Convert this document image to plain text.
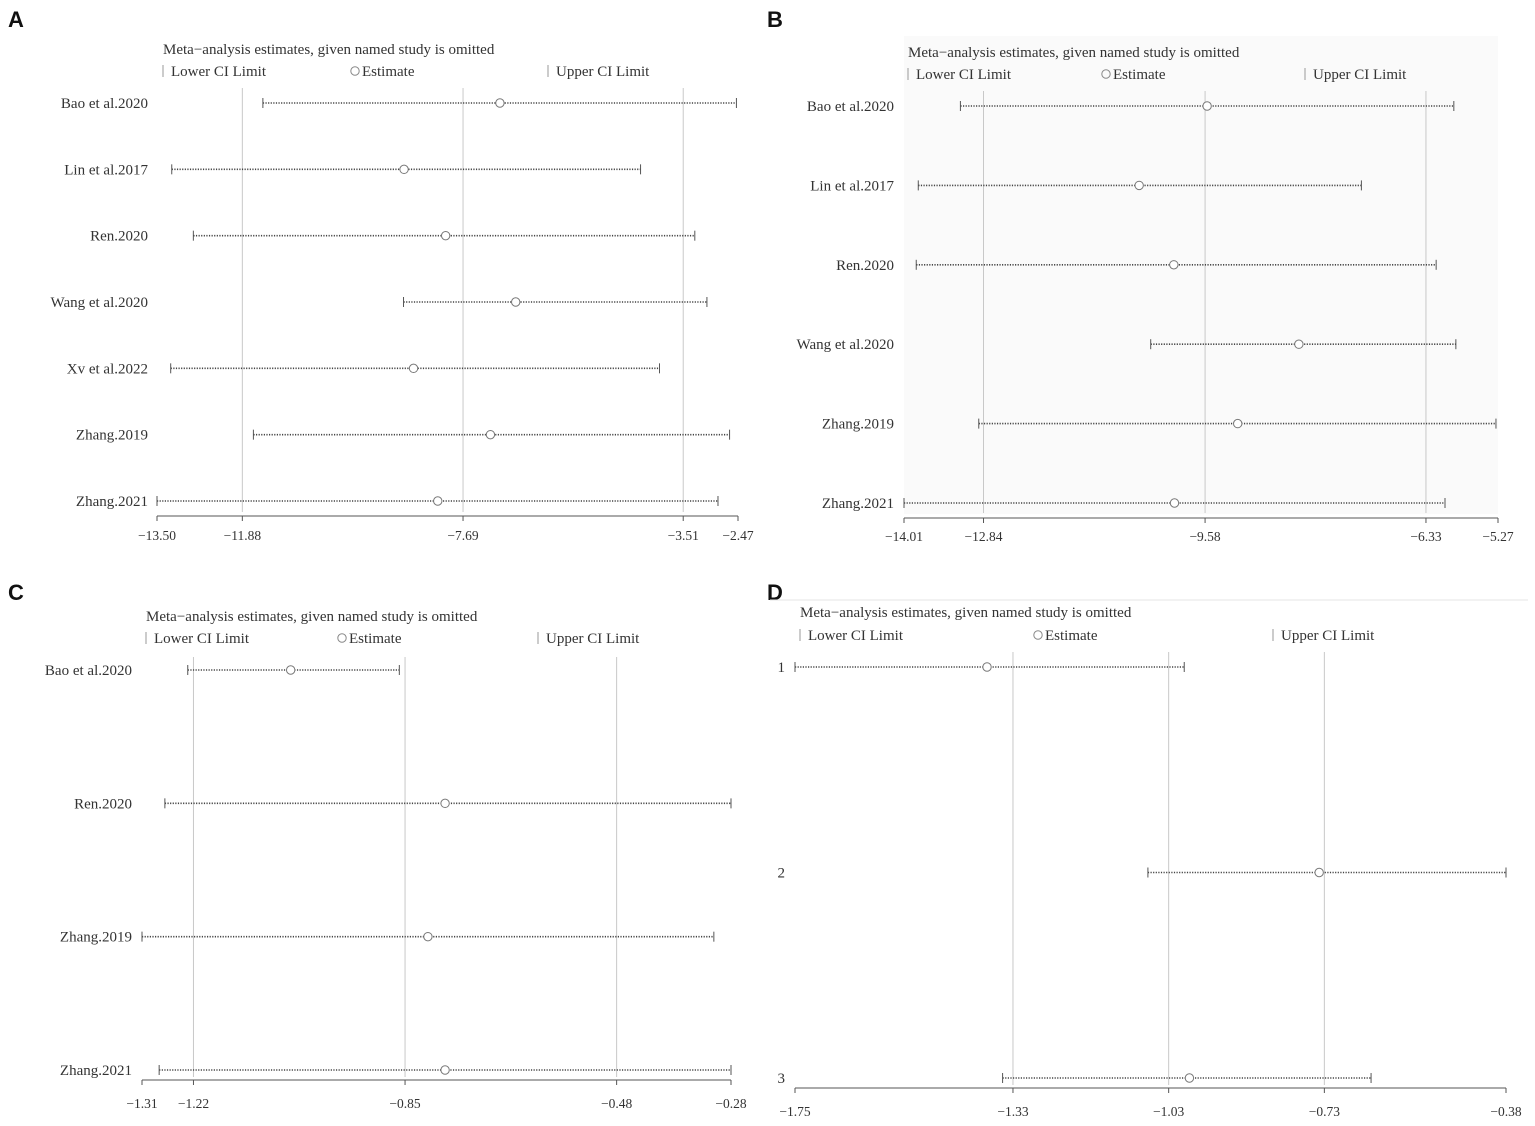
A
Meta−analysis estimates, given named study is omitted
Lower CI Limit	Estimate	Upper CI Limit
−13.50	−11.88	−7.69	−3.51 −2.47
Bao et al.2020
Lin et al.2017
Ren.2020
Wang et al.2020
Xv et al.2022
Zhang.2019
Zhang.2021
B
Meta−analysis estimates, given named study is omitted
Lower CI Limit	Estimate	Upper CI Limit
−14.01	−12.84	−9.58	−6.33	−5.27
Bao et al.2020
Lin et al.2017
Ren.2020
Wang et al.2020
Zhang.2019
Zhang.2021
C
Meta−analysis estimates, given named study is omitted
Lower CI Limit	Estimate	Upper CI Limit
−1.31 −1.22	−0.85	−0.48	−0.28
Bao et al.2020
Ren.2020
Zhang.2019
Zhang.2021
D
Meta−analysis estimates, given named study is omitted
Lower CI Limit	Estimate	Upper CI Limit
−1.75	−1.33	−1.03	−0.73	−0.38
1
2
3
